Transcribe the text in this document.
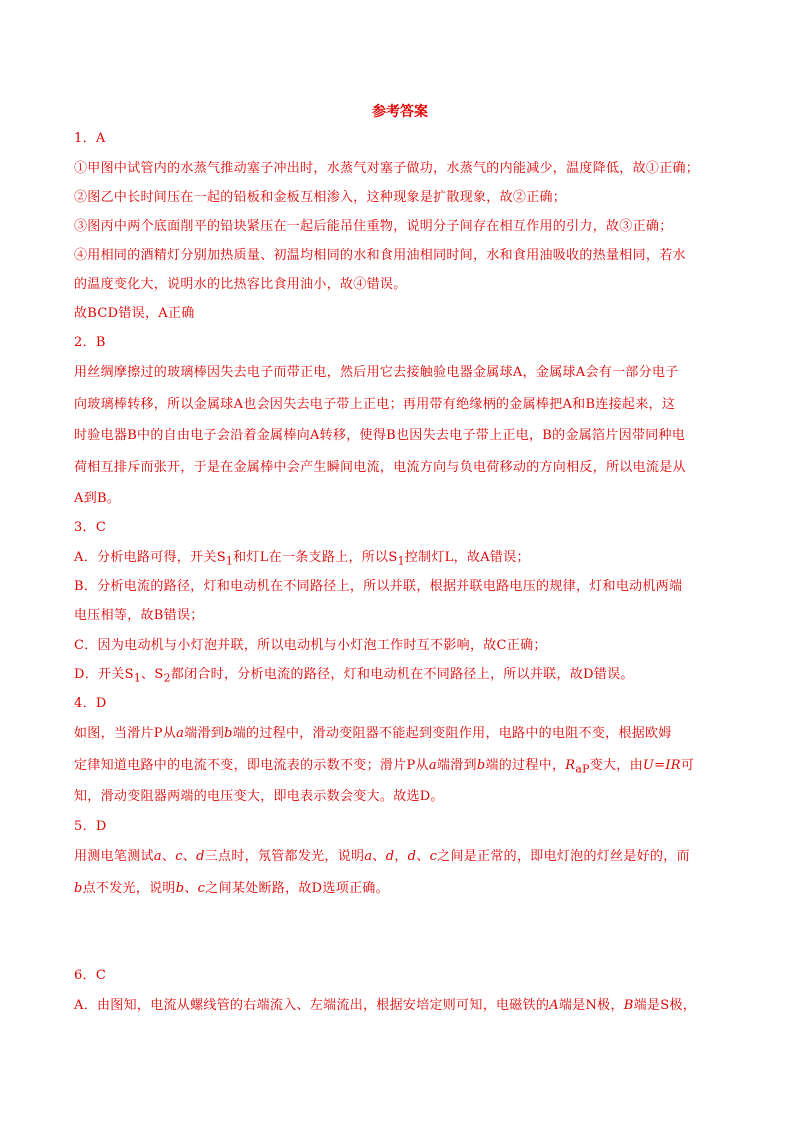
参考答案
1．A
①甲图中试管内的水蒸气推动塞子冲出时，水蒸气对塞子做功，水蒸气的内能减少，温度降低，故①正确；
②图乙中长时间压在一起的铅板和金板互相渗入，这种现象是扩散现象，故②正确；
③图丙中两个底面削平的铅块紧压在一起后能吊住重物，说明分子间存在相互作用的引力，故③正确；
④用相同的酒精灯分别加热质量、初温均相同的水和食用油相同时间，水和食用油吸收的热量相同，若水
的温度变化大，说明水的比热容比食用油小，故④错误。
故BCD错误，A正确
2．B
用丝绸摩擦过的玻璃棒因失去电子而带正电，然后用它去接触验电器金属球A，金属球A会有一部分电子
向玻璃棒转移，所以金属球A也会因失去电子带上正电；再用带有绝缘柄的金属棒把A和B连接起来，这
时验电器B中的自由电子会沿着金属棒向A转移，使得B也因失去电子带上正电，B的金属箔片因带同种电
荷相互排斥而张开，于是在金属棒中会产生瞬间电流，电流方向与负电荷移动的方向相反，所以电流是从
A到B。
3．C
A．分析电路可得，开关$S_1$和灯L在一条支路上，所以$S_1$控制灯L，故A错误；
B．分析电流的路径，灯和电动机在不同路径上，所以并联，根据并联电路电压的规律，灯和电动机两端
电压相等，故B错误；
C．因为电动机与小灯泡并联，所以电动机与小灯泡工作时互不影响，故C正确；
D．开关$S_1$、$S_2$都闭合时，分析电流的路径，灯和电动机在不同路径上，所以并联，故D错误。
4．D
如图，当滑片P从a端滑到b端的过程中，滑动变阻器不能起到变阻作用，电路中的电阻不变，根据欧姆
定律知道电路中的电流不变，即电流表的示数不变；滑片P从a端滑到b端的过程中，$R_{aP}$变大，由U=IR可
知，滑动变阻器两端的电压变大，即电表示数会变大。故选D。
5．D
用测电笔测试a、c、d三点时，氖管都发光，说明a、d，d、c之间是正常的，即电灯泡的灯丝是好的，而
b点不发光，说明b、c之间某处断路，故D选项正确。
6．C
A．由图知，电流从螺线管的右端流入、左端流出，根据安培定则可知，电磁铁的A端是N极，B端是S极，
